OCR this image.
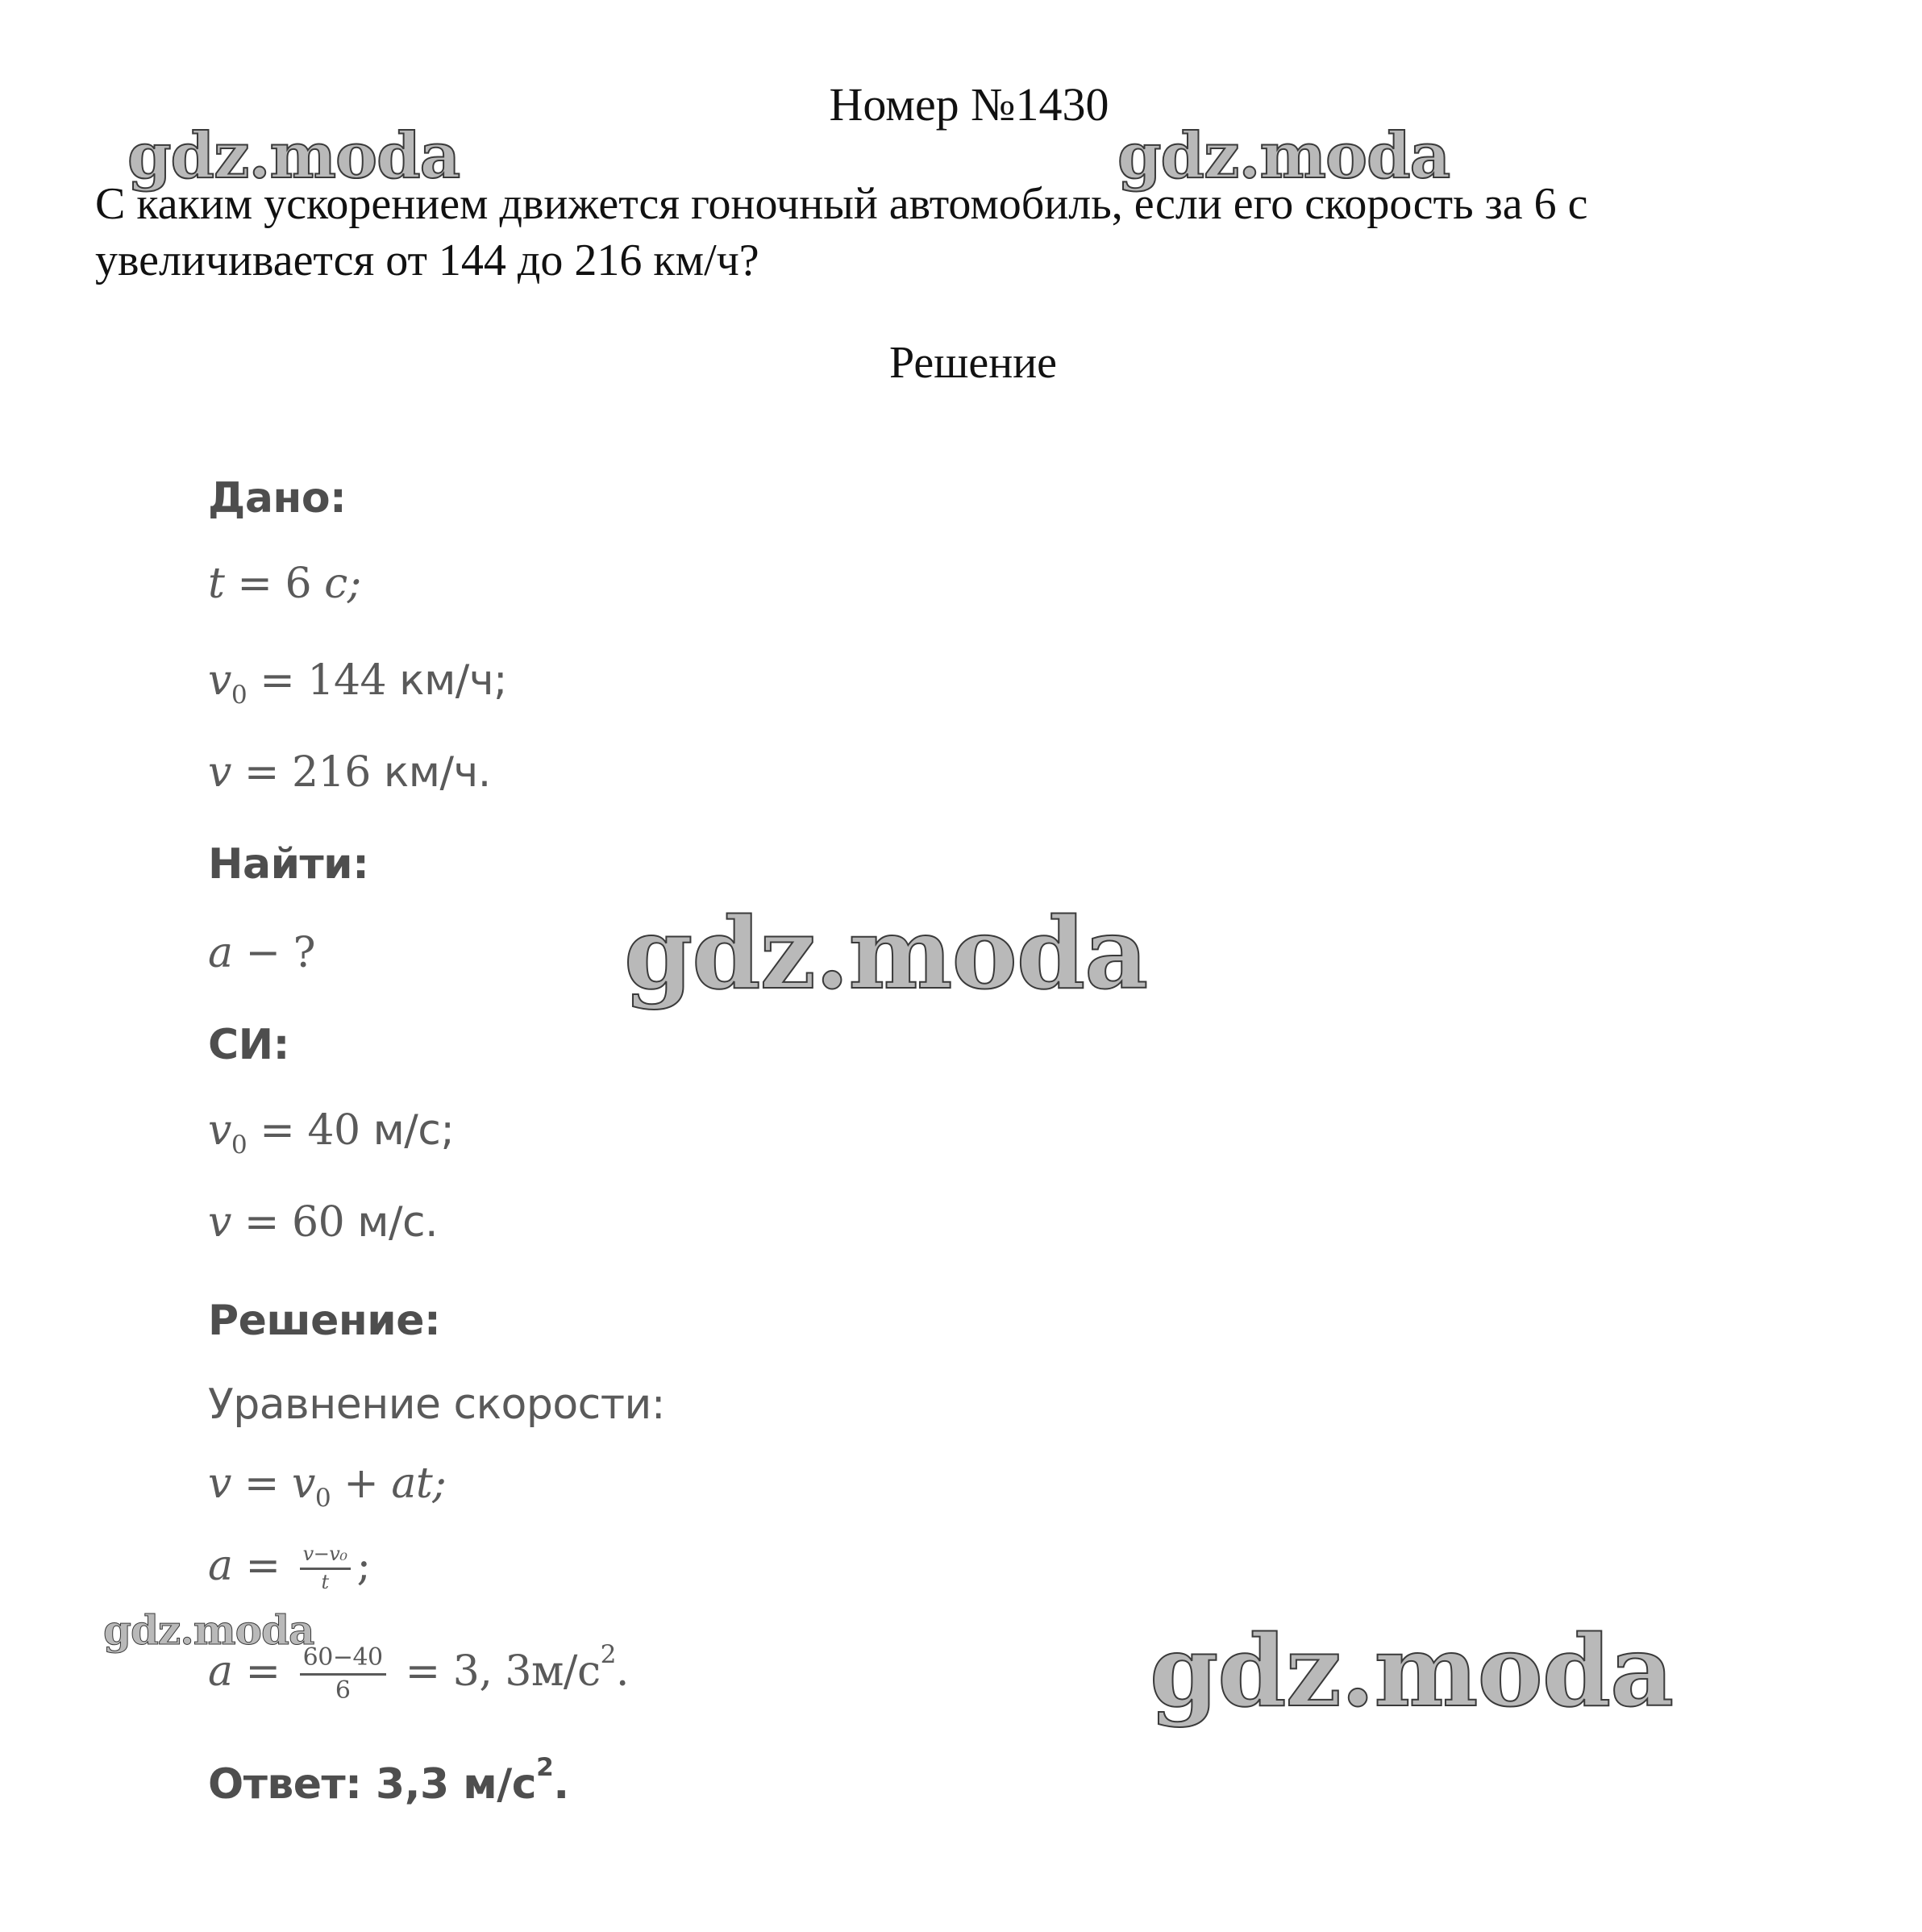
Номер №1430
С каким ускорением движется гоночный автомобиль, если его скорость за 6 с увеличивается от 144 до 216 км/ч?
Решение
Дано:
t = 6 с;
$v_0 = 144$ км/ч;
v = 216 км/ч.
Найти:
a − ?
СИ:
$v_0 = 40$ м/с;
v = 60 м/с.
Решение:
Уравнение скорости:
$v = v_0$ + at;
$a = \frac{\text{v−v₀}}{t}$ ;
$a = \frac{60-40}{6} = 3$, $3м/с^2$.
Ответ: 3,3 $м/с^2$.
gdz.moda	gdz.moda
gdz.moda
gdz.moda	gdz.moda
